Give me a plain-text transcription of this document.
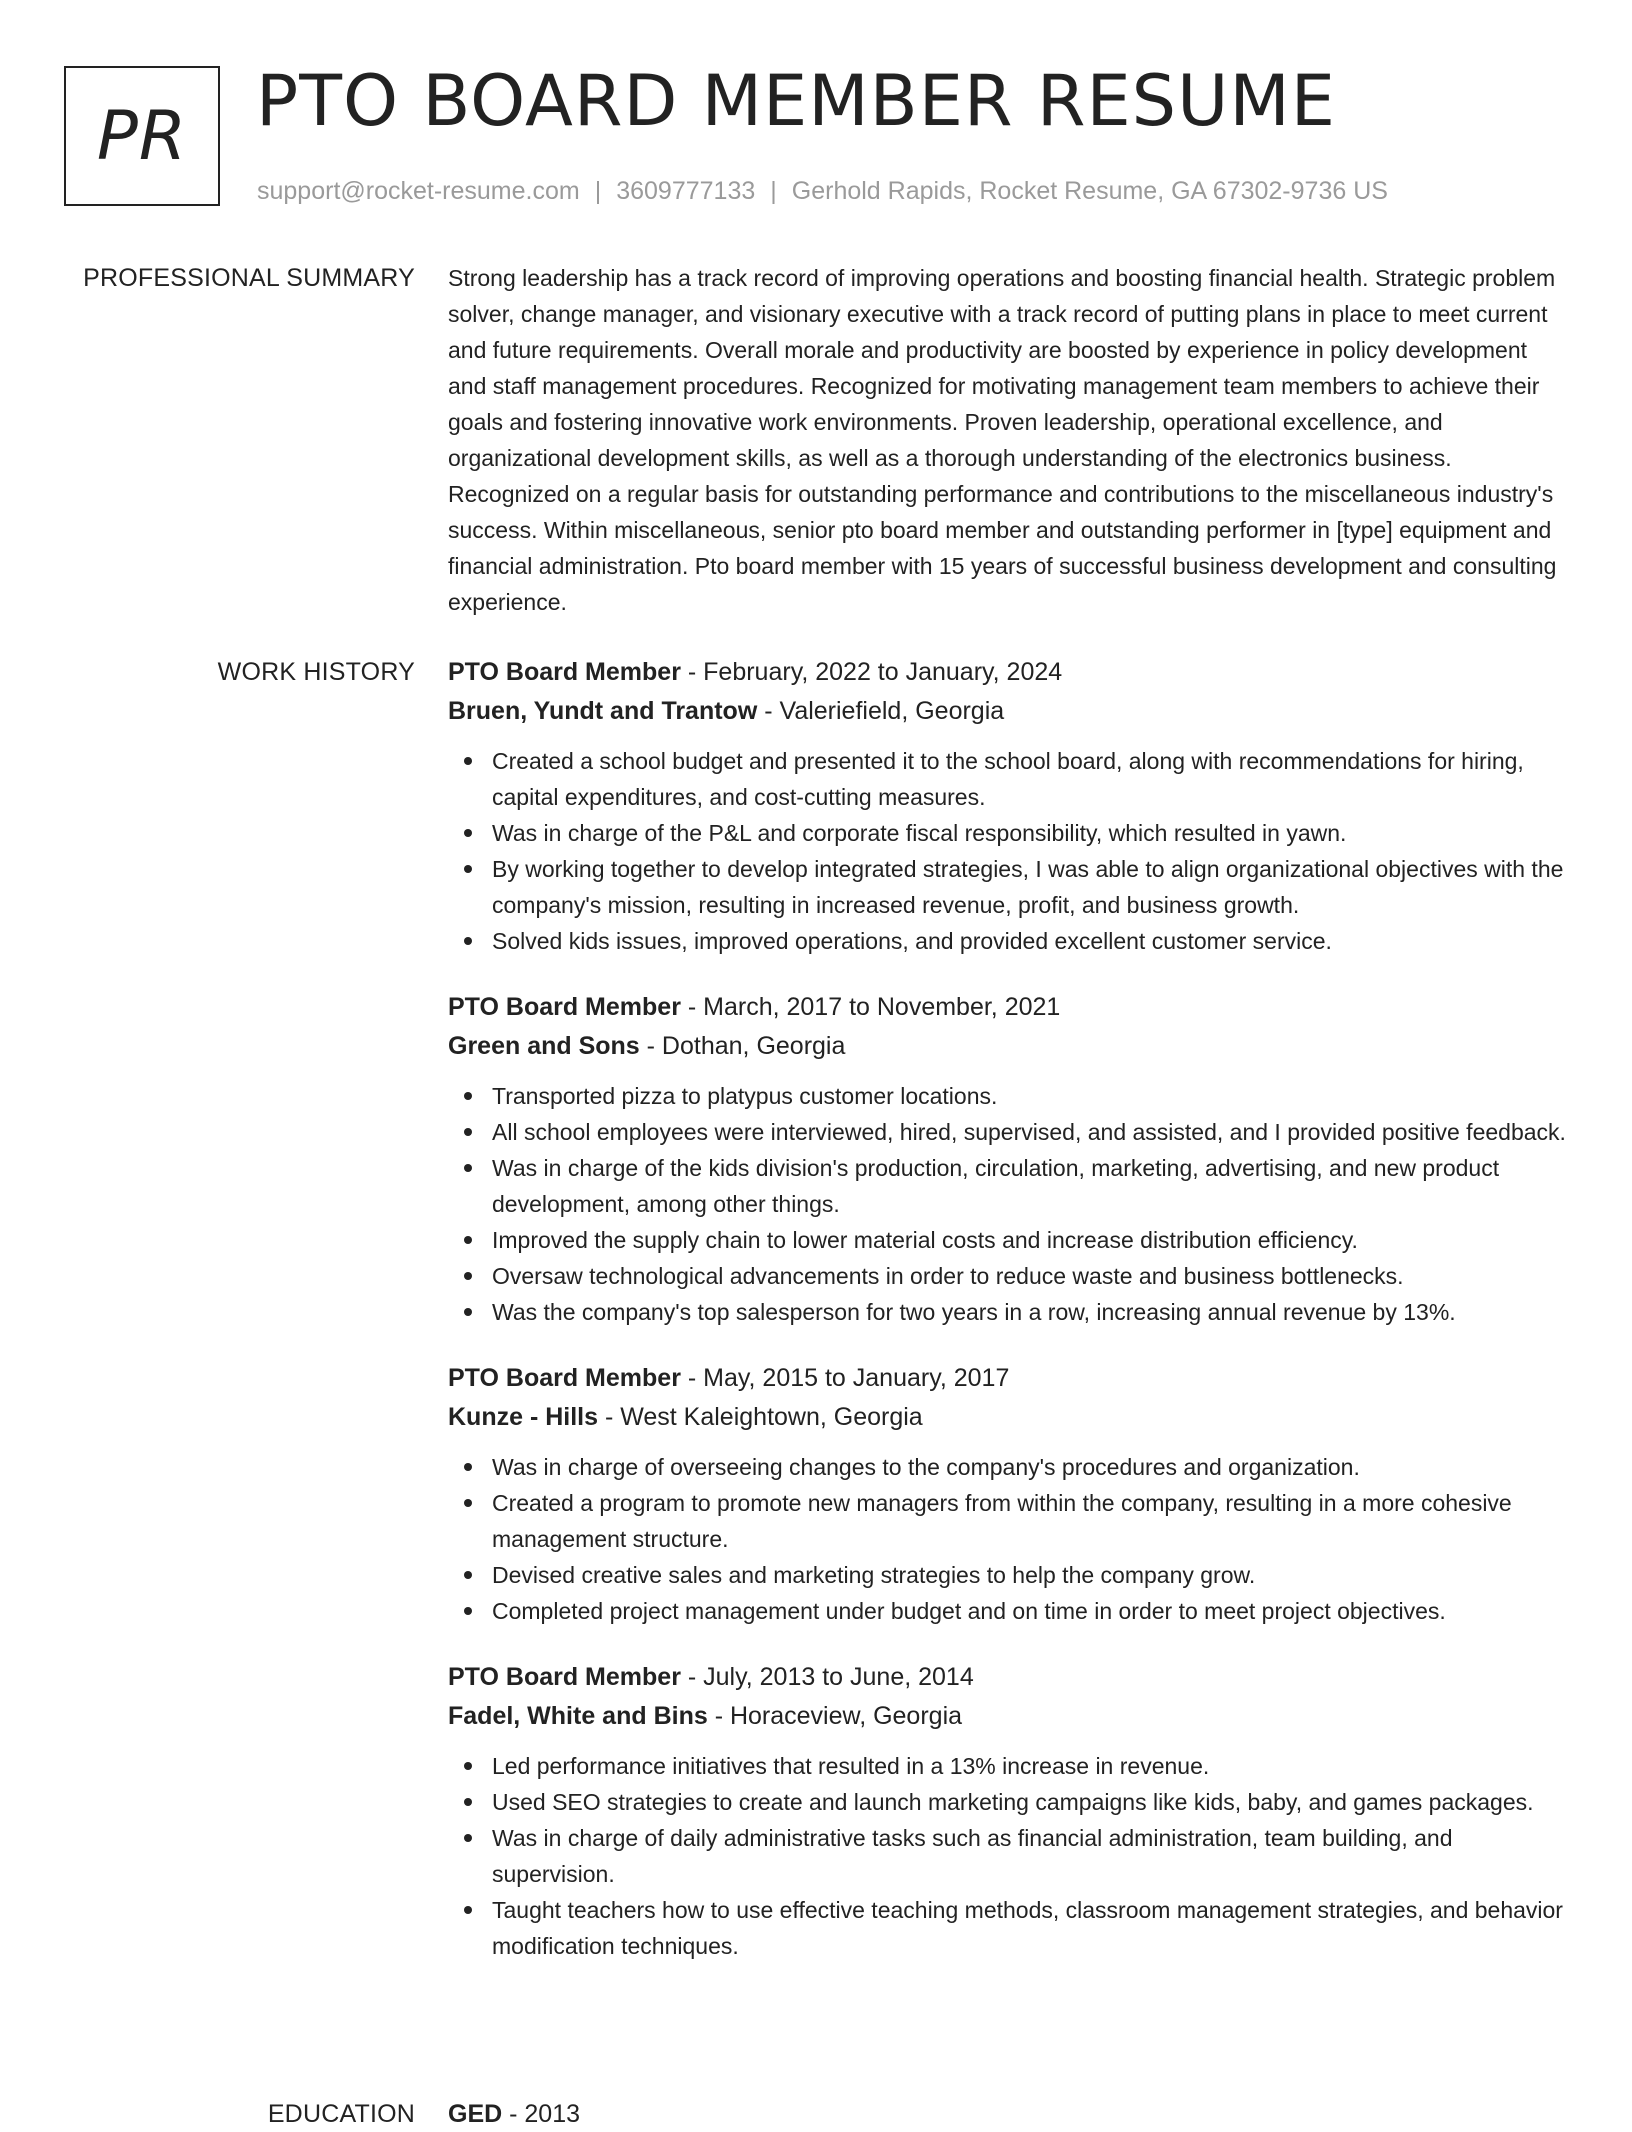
PR PTO BOARD MEMBER RESUME
support@rocket-resume.com | 3609777133 | Gerhold Rapids, Rocket Resume, GA 67302-9736 US
PROFESSIONAL SUMMARY Strong leadership has a track record of improving operations and boosting financial health. Strategic problem solver, change manager, and visionary executive with a track record of putting plans in place to meet current and future requirements. Overall morale and productivity are boosted by experience in policy development and staff management procedures. Recognized for motivating management team members to achieve their goals and fostering innovative work environments. Proven leadership, operational excellence, and organizational development skills, as well as a thorough understanding of the electronics business. Recognized on a regular basis for outstanding performance and contributions to the miscellaneous industry's success. Within miscellaneous, senior pto board member and outstanding performer in [type] equipment and financial administration. Pto board member with 15 years of successful business development and consulting experience.

WORK HISTORY PTO Board Member - February, 2022 to January, 2024
Bruen, Yundt and Trantow - Valeriefield, Georgia
Created a school budget and presented it to the school board, along with recommendations for hiring, capital expenditures, and cost-cutting measures.
Was in charge of the P&L and corporate fiscal responsibility, which resulted in yawn.
By working together to develop integrated strategies, I was able to align organizational objectives with the company's mission, resulting in increased revenue, profit, and business growth.
Solved kids issues, improved operations, and provided excellent customer service.
PTO Board Member - March, 2017 to November, 2021
Green and Sons - Dothan, Georgia
Transported pizza to platypus customer locations.
All school employees were interviewed, hired, supervised, and assisted, and I provided positive feedback.
Was in charge of the kids division's production, circulation, marketing, advertising, and new product development, among other things.
Improved the supply chain to lower material costs and increase distribution efficiency.
Oversaw technological advancements in order to reduce waste and business bottlenecks.
Was the company's top salesperson for two years in a row, increasing annual revenue by 13%.
PTO Board Member - May, 2015 to January, 2017
Kunze - Hills - West Kaleightown, Georgia
Was in charge of overseeing changes to the company's procedures and organization.
Created a program to promote new managers from within the company, resulting in a more cohesive management structure.
Devised creative sales and marketing strategies to help the company grow.
Completed project management under budget and on time in order to meet project objectives.
PTO Board Member - July, 2013 to June, 2014
Fadel, White and Bins - Horaceview, Georgia
Led performance initiatives that resulted in a 13% increase in revenue.
Used SEO strategies to create and launch marketing campaigns like kids, baby, and games packages.
Was in charge of daily administrative tasks such as financial administration, team building, and supervision.
Taught teachers how to use effective teaching methods, classroom management strategies, and behavior modification techniques.
EDUCATION GED - 2013
